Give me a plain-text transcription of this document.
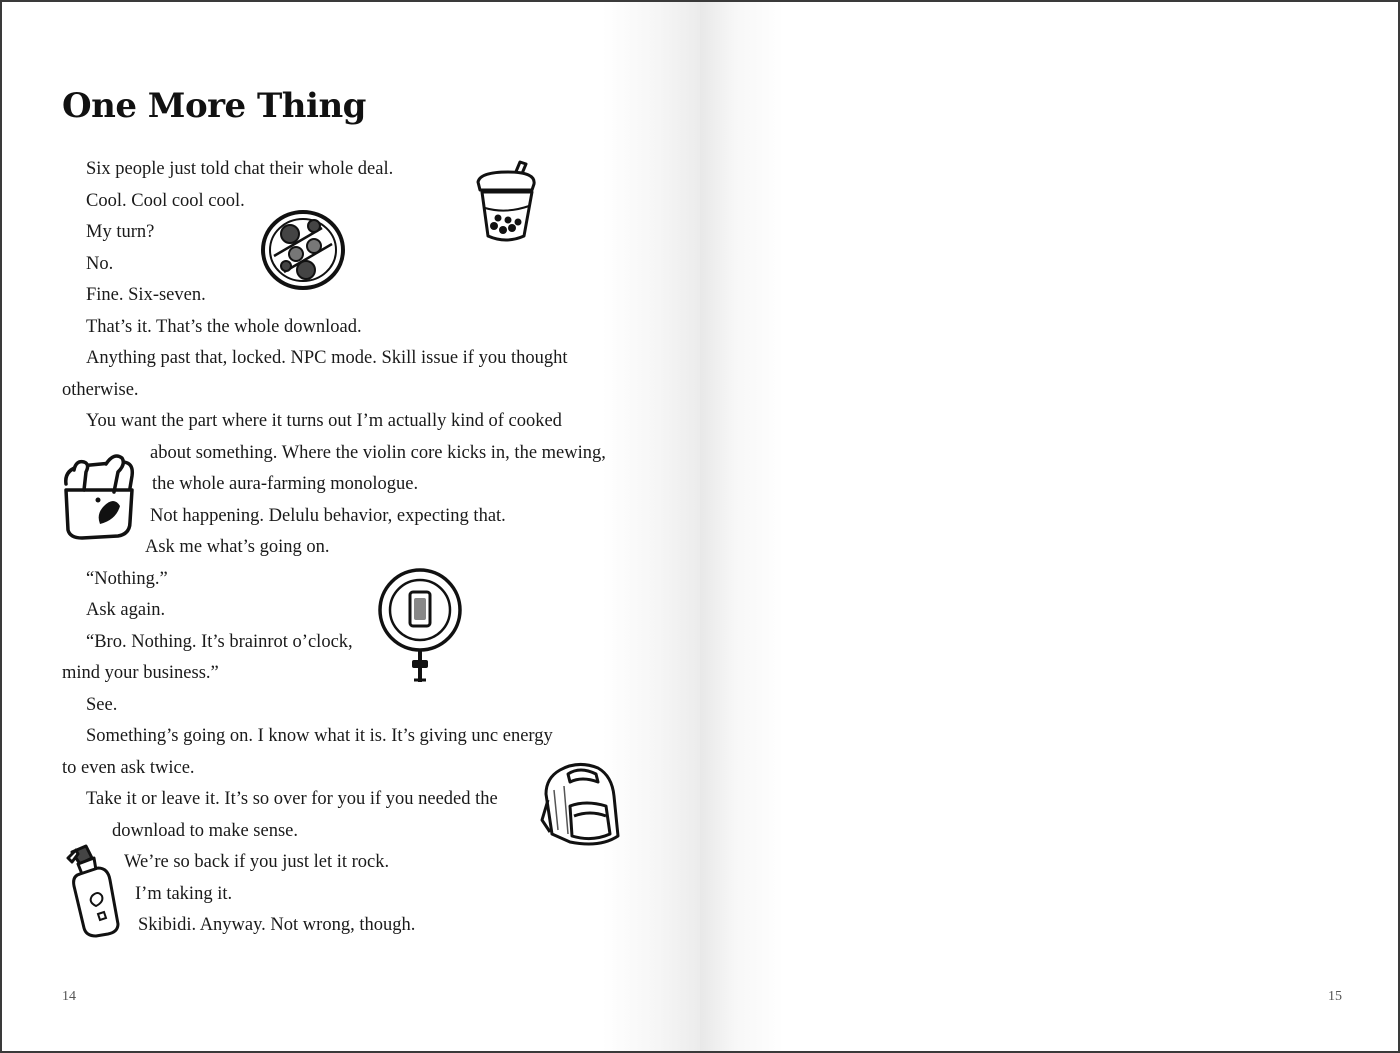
One More Thing
Six people just told chat their whole deal.
Cool. Cool cool cool.
My turn?
No.
Fine. Six-seven.
That’s it. That’s the whole download.
Anything past that, locked. NPC mode. Skill issue if you thought
otherwise.
You want the part where it turns out I’m actually kind of cooked
about something. Where the violin core kicks in, the mewing,
the whole aura-farming monologue.
Not happening. Delulu behavior, expecting that.
Ask me what’s going on.
“Nothing.”
Ask again.
“Bro. Nothing. It’s brainrot o’clock,
mind your business.”
See.
Something’s going on. I know what it is. It’s giving unc energy
to even ask twice.
Take it or leave it. It’s so over for you if you needed the
download to make sense.
We’re so back if you just let it rock.
I’m taking it.
Skibidi. Anyway. Not wrong, though.
14	15
